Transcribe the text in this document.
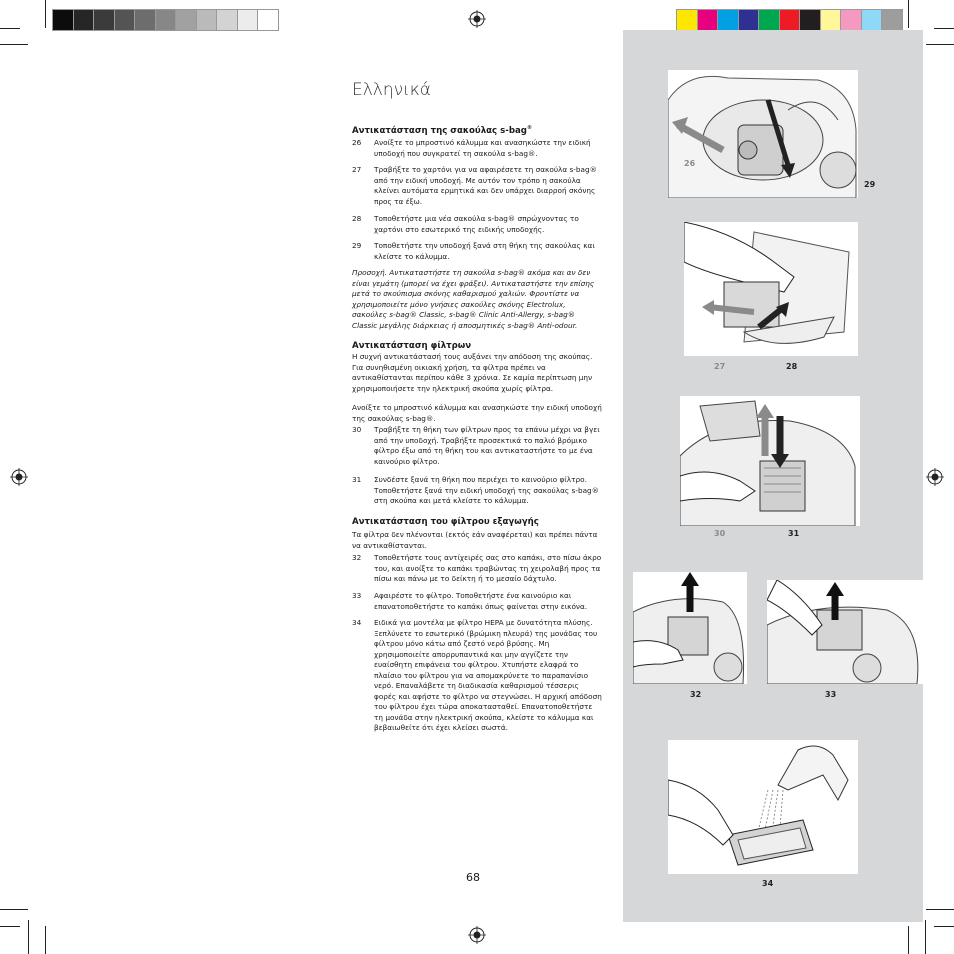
26
29
27	28
30	31
32	33
34
Ελληνικά
Αντικατάσταση της σακούλας s-bag®
26	Ανοίξτε το μπροστινό κάλυμμα και ανασηκώστε την ειδική υποδοχή που συγκρατεί τη σακούλα s-bag®.
27	Τραβήξτε το χαρτόνι για να αφαιρέσετε τη σακούλα s-bag® από την ειδική υποδοχή. Με αυτόν τον τρόπο η σακούλα κλείνει αυτόματα ερμητικά και δεν υπάρχει διαρροή σκόνης προς τα έξω.
28	Τοποθετήστε μια νέα σακούλα s-bag® σπρώχνοντας το χαρτόνι στο εσωτερικό της ειδικής υποδοχής.
29	Τοποθετήστε την υποδοχή ξανά στη θήκη της σακούλας και κλείστε το κάλυμμα.
Προσοχή. Αντικαταστήστε τη σακούλα s-bag® ακόμα και αν δεν είναι γεμάτη (μπορεί να έχει φράξει). Αντικαταστήστε την επίσης μετά το σκούπισμα σκόνης καθαρισμού χαλιών. Φροντίστε να χρησιμοποιείτε μόνο γνήσιες σακούλες σκόνης Electrolux, σακούλες s-bag® Classic, s-bag® Clinic Anti-Allergy, s-bag® Classic μεγάλης διάρκειας ή αποσμητικές s-bag® Anti-odour.
Αντικατάσταση φίλτρων
Η συχνή αντικατάστασή τους αυξάνει την απόδοση της σκούπας. Για συνηθισμένη οικιακή χρήση, τα φίλτρα πρέπει να αντικαθίστανται περίπου κάθε 3 χρόνια. Σε καμία περίπτωση μην χρησιμοποιήσετε την ηλεκτρική σκούπα χωρίς φίλτρα.
Ανοίξτε το μπροστινό κάλυμμα και ανασηκώστε την ειδική υποδοχή της σακούλας s-bag®.
30	Τραβήξτε τη θήκη των φίλτρων προς τα επάνω μέχρι να βγει από την υποδοχή. Τραβήξτε προσεκτικά το παλιό βρόμικο φίλτρο έξω από τη θήκη του και αντικαταστήστε το με ένα καινούριο φίλτρο.
31	Συνδέστε ξανά τη θήκη που περιέχει το καινούριο φίλτρο. Τοποθετήστε ξανά την ειδική υποδοχή της σακούλας s-bag® στη σκούπα και μετά κλείστε το κάλυμμα.
Αντικατάσταση του φίλτρου εξαγωγής
Τα φίλτρα δεν πλένονται (εκτός εάν αναφέρεται) και πρέπει πάντα να αντικαθίστανται.
32	Τοποθετήστε τους αντίχειρές σας στο καπάκι, στο πίσω άκρο του, και ανοίξτε το καπάκι τραβώντας τη χειρολαβή προς τα πίσω και πάνω με το δείκτη ή το μεσαίο δάχτυλο.
33	Αφαιρέστε το φίλτρο. Τοποθετήστε ένα καινούριο και επανατοποθετήστε το καπάκι όπως φαίνεται στην εικόνα.
34	Ειδικά για μοντέλα με φίλτρο HEPA με δυνατότητα πλύσης. Ξεπλύνετε το εσωτερικό (βρώμικη πλευρά) της μονάδας του φίλτρου μόνο κάτω από ζεστό νερό βρύσης. Μη χρησιμοποιείτε απορρυπαντικά και μην αγγίζετε την ευαίσθητη επιφάνεια του φίλτρου. Χτυπήστε ελαφρά το πλαίσιο του φίλτρου για να απομακρύνετε το παραπανίσιο νερό. Επαναλάβετε τη διαδικασία καθαρισμού τέσσερις φορές και αφήστε το φίλτρο να στεγνώσει. Η αρχική απόδοση του φίλτρου έχει τώρα αποκατασταθεί. Επανατοποθετήστε τη μονάδα στην ηλεκτρική σκούπα, κλείστε το κάλυμμα και βεβαιωθείτε ότι έχει κλείσει σωστά.
68
